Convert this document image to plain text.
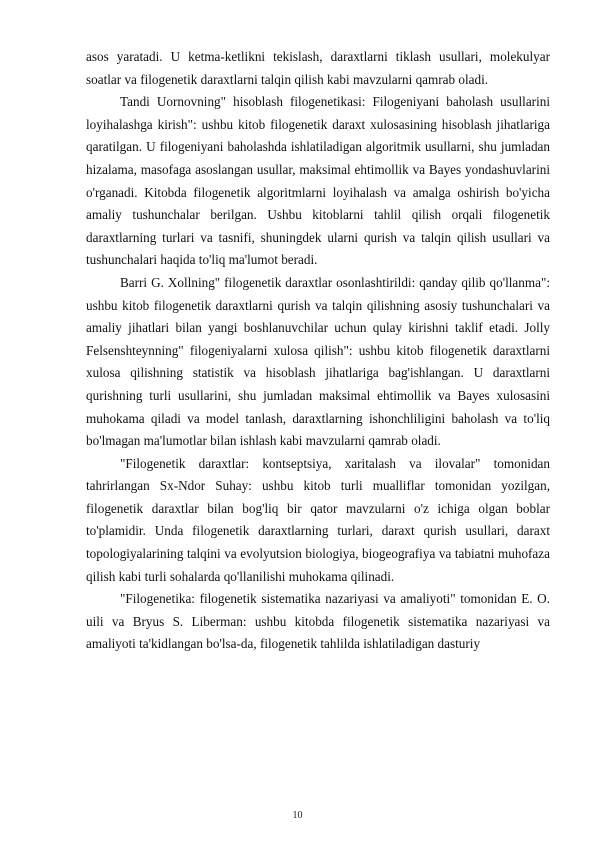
asos yaratadi. U ketma-ketlikni tekislash, daraxtlarni tiklash usullari, molekulyar soatlar va filogenetik daraxtlarni talqin qilish kabi mavzularni qamrab oladi.

Tandi Uornovning" hisoblash filogenetikasi: Filogeniyani baholash usullarini loyihalashga kirish": ushbu kitob filogenetik daraxt xulosasining hisoblash jihatlariga qaratilgan. U filogeniyani baholashda ishlatiladigan algoritmik usullarni, shu jumladan hizalama, masofaga asoslangan usullar, maksimal ehtimollik va Bayes yondashuvlarini o'rganadi. Kitobda filogenetik algoritmlarni loyihalash va amalga oshirish bo'yicha amaliy tushunchalar berilgan. Ushbu kitoblarni tahlil qilish orqali filogenetik daraxtlarning turlari va tasnifi, shuningdek ularni qurish va talqin qilish usullari va tushunchalari haqida to'liq ma'lumot beradi.

Barri G. Xollning" filogenetik daraxtlar osonlashtirildi: qanday qilib qo'llanma": ushbu kitob filogenetik daraxtlarni qurish va talqin qilishning asosiy tushunchalari va amaliy jihatlari bilan yangi boshlanuvchilar uchun qulay kirishni taklif etadi. Jolly Felsenshteynning" filogeniyalarni xulosa qilish": ushbu kitob filogenetik daraxtlarni xulosa qilishning statistik va hisoblash jihatlariga bag'ishlangan. U daraxtlarni qurishning turli usullarini, shu jumladan maksimal ehtimollik va Bayes xulosasini muhokama qiladi va model tanlash, daraxtlarning ishonchliligini baholash va to'liq bo'lmagan ma'lumotlar bilan ishlash kabi mavzularni qamrab oladi.

"Filogenetik daraxtlar: kontseptsiya, xaritalash va ilovalar" tomonidan tahrirlangan Sx-Ndor Suhay: ushbu kitob turli mualliflar tomonidan yozilgan, filogenetik daraxtlar bilan bog'liq bir qator mavzularni o'z ichiga olgan boblar to'plamidir. Unda filogenetik daraxtlarning turlari, daraxt qurish usullari, daraxt topologiyalarining talqini va evolyutsion biologiya, biogeografiya va tabiatni muhofaza qilish kabi turli sohalarda qo'llanilishi muhokama qilinadi.

"Filogenetika: filogenetik sistematika nazariyasi va amaliyoti" tomonidan E. O. uili va Bryus S. Liberman: ushbu kitobda filogenetik sistematika nazariyasi va amaliyoti ta'kidlangan bo'lsa-da, filogenetik tahlilda ishlatiladigan dasturiy

10
